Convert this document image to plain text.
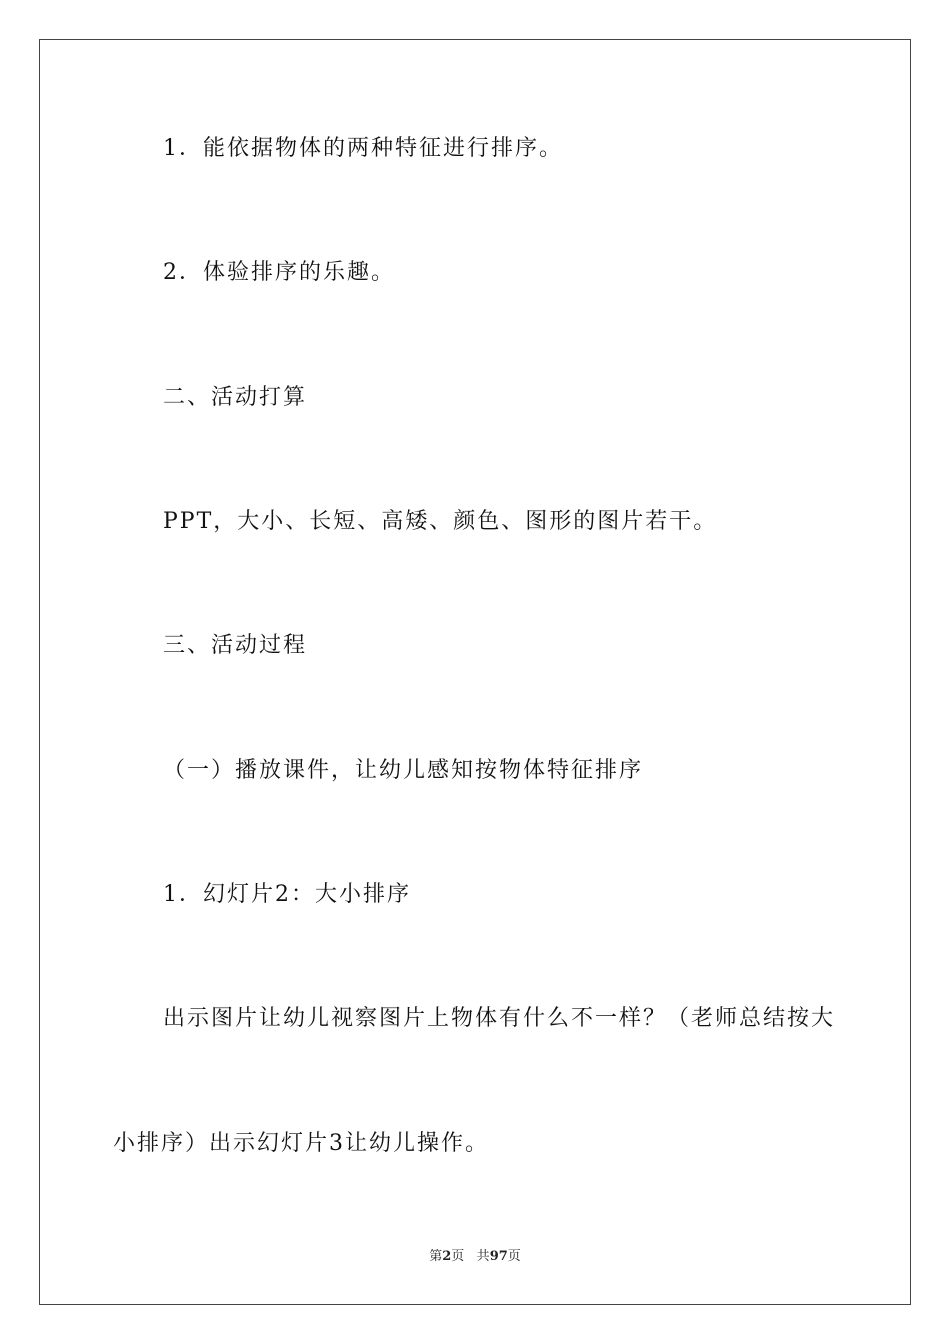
1．能依据物体的两种特征进行排序。
2．体验排序的乐趣。
二、活动打算
PPT，大小、长短、高矮、颜色、图形的图片若干。
三、活动过程
（一）播放课件，让幼儿感知按物体特征排序
1．幻灯片2：大小排序
出示图片让幼儿视察图片上物体有什么不一样？（老师总结按大
小排序）出示幻灯片3让幼儿操作。
第2页 共97页
